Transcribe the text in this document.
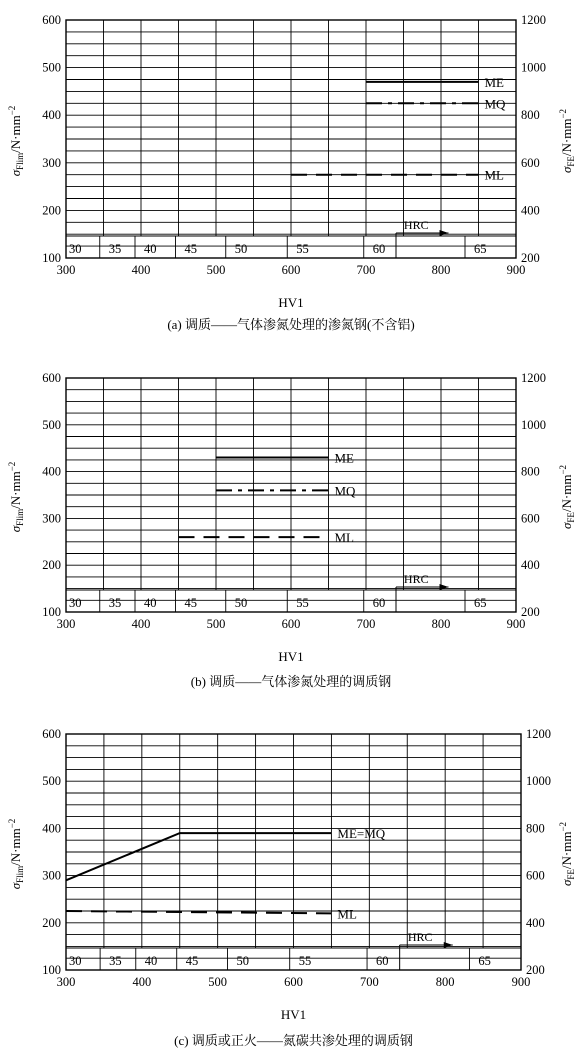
30 35 40 45	50	55	60	65
HRC
100
200
300
400
500
600
200
400
600
800
1000
1200
300	400	500	600	700	800	900
HV1
(a) 调质——气体渗氮处理的渗氮钢(不含铝)
$\sigma_{Flim}/N\cdot mm^{-2}$
$\sigma_{FE}/N\cdot mm^{-2}$
ME
MQ
ML
30 35 40 45	50	55	60	65
HRC
100
200
300
400
500
600
200
400
600
800
1000
1200
300	400	500	600	700	800	900
HV1
(b) 调质——气体渗氮处理的调质钢
$\sigma_{Flim}/N\cdot mm^{-2}$
$\sigma_{FE}/N\cdot mm^{-2}$
ME
MQ
ML
30 35 40 45	50	55	60	65
HRC
100
200
300
400
500
600
200
400
600
800
1000
1200
300	400	500	600	700	800	900
HV1
(c) 调质或正火——氮碳共渗处理的调质钢
$\sigma_{Flim}/N\cdot mm^{-2}$
$\sigma_{FE}/N\cdot mm^{-2}$
ME=MQ
ML
